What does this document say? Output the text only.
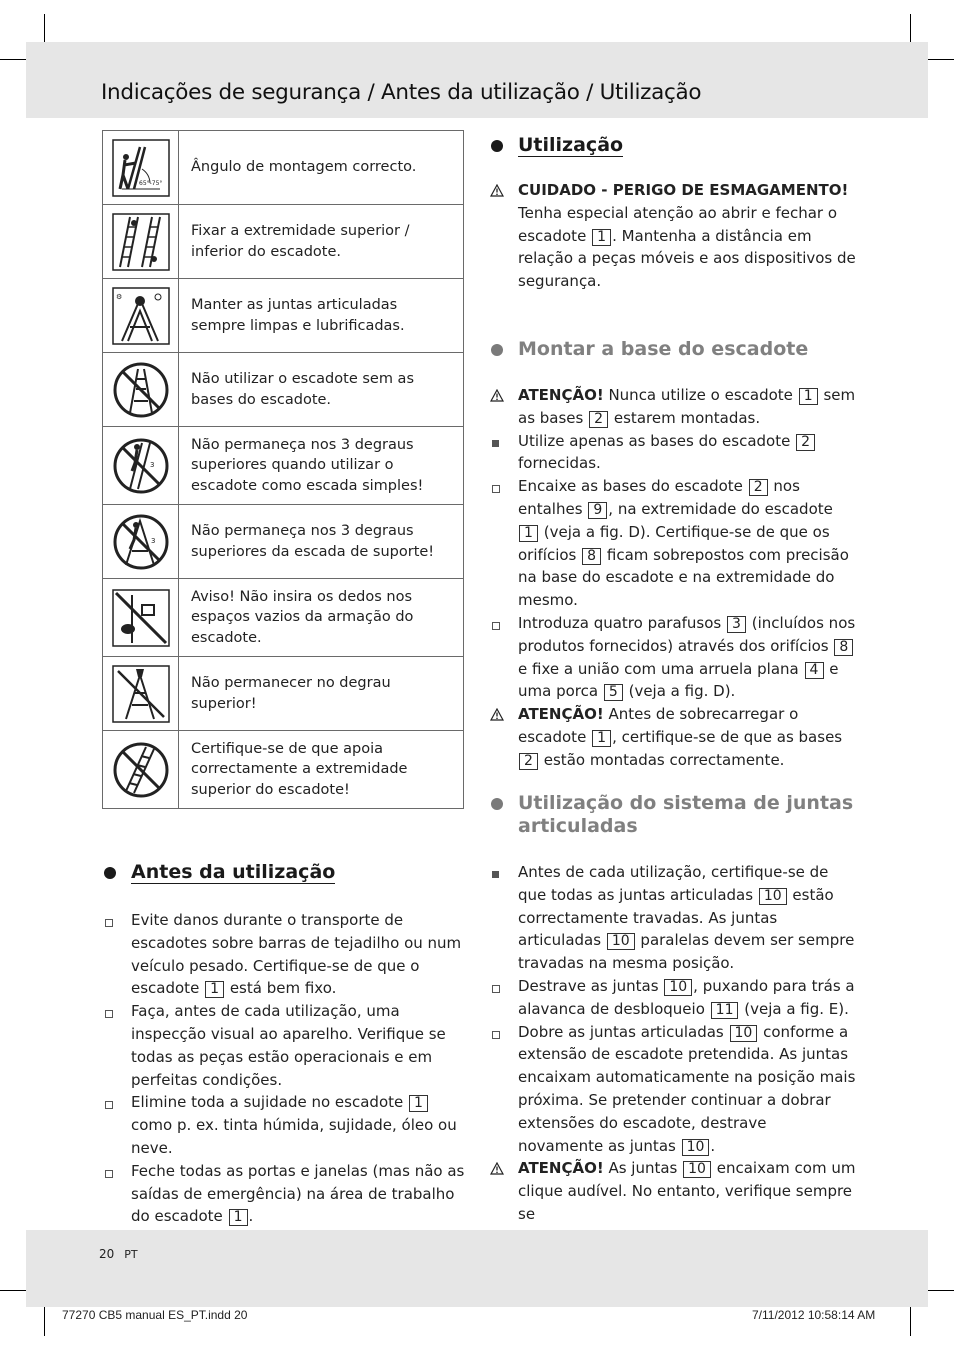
Indicações de segurança / Antes da utilização / Utilização
65°-75°	Ângulo de montagem correcto.
	Fixar a extremidade superior / inferior do escadote.

⚙	Manter as juntas articuladas sempre limpas e lubrificadas.
	Não utilizar o escadote sem as bases do escadote.

3	Não permaneça nos 3 degraus superiores quando utilizar o escadote como escada simples!

3	Não permaneça nos 3 degraus superiores da escada de suporte!
	Aviso! Não insira os dedos nos espaços vazios da armação do escadote.
	Não permanecer no degrau superior!
	Certifique-se de que apoia correctamente a extremidade superior do escadote!
Antes da utilização
Evite danos durante o transporte de escadotes sobre barras de tejadilho ou num veículo pesado. Certifique-se de que o escadote 1 está bem fixo.
Faça, antes de cada utilização, uma inspecção visual ao aparelho. Verifique se todas as peças estão operacionais e em perfeitas condições.
Elimine toda a sujidade no escadote 1 como p. ex. tinta húmida, sujidade, óleo ou neve.
Feche todas as portas e janelas (mas não as saídas de emergência) na área de trabalho do escadote 1 .
Utilização
CUIDADO - PERIGO DE ESMAGAMENTO! Tenha especial atenção ao abrir e fechar o escadote 1 . Mantenha a distância em relação a peças móveis e aos dispositivos de segurança.
Montar a base do escadote
ATENÇÃO! Nunca utilize o escadote 1 sem as bases 2 estarem montadas.
Utilize apenas as bases do escadote 2 fornecidas.
Encaixe as bases do escadote 2 nos entalhes 9 , na extremidade do escadote 1 (veja a fig. D). Certifique-se de que os orifícios 8 ficam sobrepostos com precisão na base do escadote e na extremidade do mesmo.
Introduza quatro parafusos 3 (incluídos nos produtos fornecidos) através dos orifícios 8 e fixe a união com uma arruela plana 4 e uma porca 5 (veja a fig. D).
ATENÇÃO! Antes de sobrecarregar o escadote 1 , certifique-se de que as bases 2 estão montadas correctamente.
Utilização do sistema de juntas articuladas
Antes de cada utilização, certifique-se de que todas as juntas articuladas 10 estão correctamente travadas. As juntas articuladas 10 paralelas devem ser sempre travadas na mesma posição.
Destrave as juntas 10 , puxando para trás a alavanca de desbloqueio 11 (veja a fig. E).
Dobre as juntas articuladas 10 conforme a extensão de escadote pretendida. As juntas encaixam automaticamente na posição mais próxima. Se pretender continuar a dobrar extensões do escadote, destrave novamente as juntas 10 .
ATENÇÃO! As juntas 10 encaixam com um clique audível. No entanto, verifique sempre se
20 PT
77270 CB5 manual ES_PT.indd 20	7/11/2012 10:58:14 AM
